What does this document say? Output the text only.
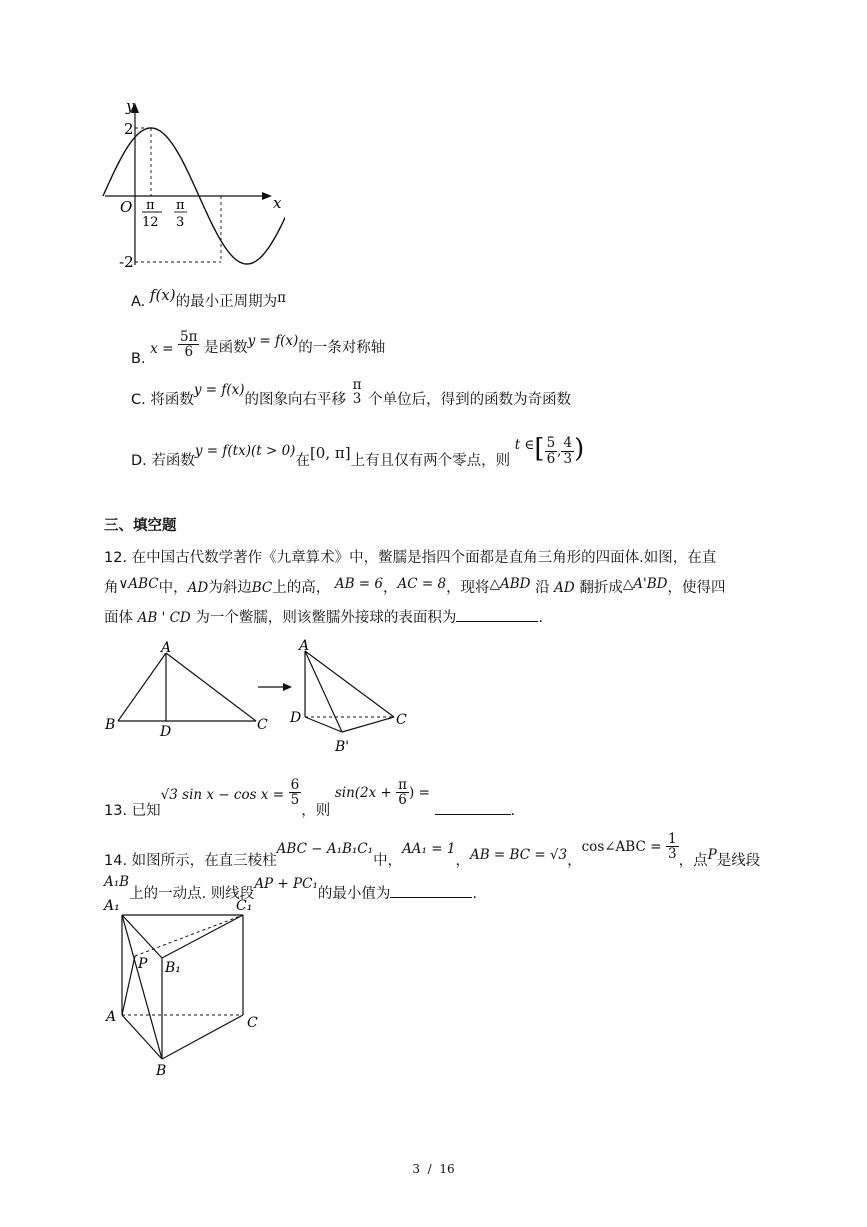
y
x
O
2
-2
π
12
π
3
A. f(x)的最小正周期为π
B. $x = \frac{5\pi}{6}$ 是函数y = f(x)的一条对称轴
C. 将函数y = f(x)的图象向右平移
π
3 个单位后，得到的函数为奇函数
D. 若函数y = f(tx)(t > 0)在[0, π]上有且仅有两个零点，则 t ∈[ $\frac{5}{6}$ , $\frac{4}{3}$ )
三、填空题
12. 在中国古代数学著作《九章算术》中，鳖臑是指四个面都是直角三角形的四面体.如图，在直
角∨ABC中，AD为斜边BC上的高， AB = 6，AC = 8，现将△ABD 沿 AD 翻折成△A'BD，使得四
面体 AB ' CD 为一个鳖臑，则该鳖臑外接球的表面积为	.
A
B	C
D
A
D	C
B'
13. 已知√3 $\sin x - \cos x = \frac{6}{5}$
，则 $\sin(2x + \frac{\pi}{6}$ ) = .
14. 如图所示，在直三棱柱ABC − A₁B₁C₁中，AA₁ = 1，AB = BC = √3，cos∠ABC = $\frac{1}{3}$ ，点P是线段
A₁B上的一动点. 则线段AP + PC₁的最小值为	.
A₁	C₁
P B₁
A	C
B
3  /  16
